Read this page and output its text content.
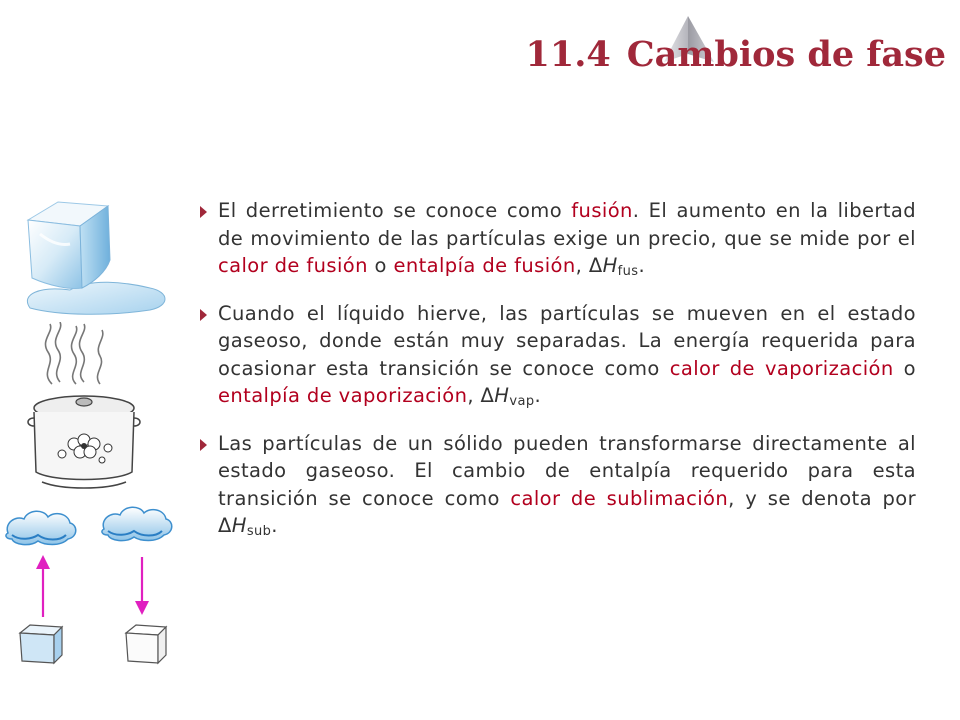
11.4 Cambios de fase
El derretimiento se conoce como fusión. El aumento en la libertad de movimiento de las partículas exige un precio, que se mide por el calor de fusión o entalpía de fusión, $\Delta H_{fus}$.
Cuando el líquido hierve, las partículas se mueven en el estado gaseoso, donde están muy separadas. La energía requerida para ocasionar esta transición se conoce como calor de vaporización o entalpía de vaporización, $\Delta H_{vap}$.
Las partículas de un sólido pueden transformarse directamente al estado gaseoso. El cambio de entalpía requerido para esta transición se conoce como calor de sublimación, y se denota por $\Delta H_{sub}$.
